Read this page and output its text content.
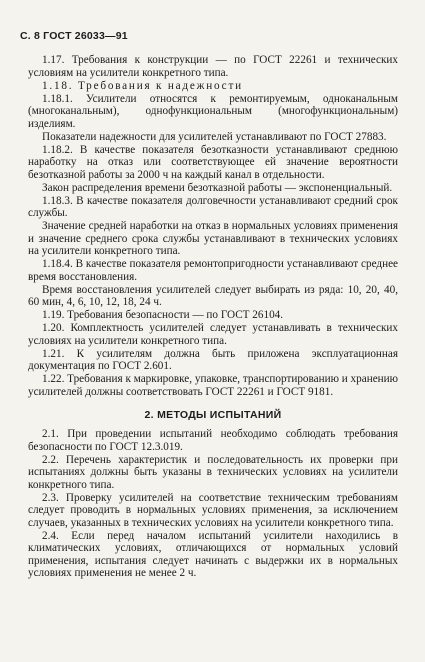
С. 8 ГОСТ 26033—91

1.17. Требования к конструкции — по ГОСТ 22261 и технических условиям на усилители конкретного типа.

1.18. Требования к надежности

1.18.1. Усилители относятся к ремонтируемым, одноканальным (многоканальным), однофункциональным (многофункциональным) изделиям.

Показатели надежности для усилителей устанавливают по ГОСТ 27883.

1.18.2. В качестве показателя безотказности устанавливают среднюю наработку на отказ или соответствующее ей значение вероятности безотказной работы за 2000 ч на каждый канал в отдельности.

Закон распределения времени безотказной работы — экспоненциальный.

1.18.3. В качестве показателя долговечности устанавливают средний срок службы.

Значение средней наработки на отказ в нормальных условиях применения и значение среднего срока службы устанавливают в технических условиях на усилители конкретного типа.

1.18.4. В качестве показателя ремонтопригодности устанавливают среднее время восстановления.

Время восстановления усилителей следует выбирать из ряда: 10, 20, 40, 60 мин, 4, 6, 10, 12, 18, 24 ч.

1.19. Требования безопасности — по ГОСТ 26104.

1.20. Комплектность усилителей следует устанавливать в технических условиях на усилители конкретного типа.

1.21. К усилителям должна быть приложена эксплуатационная документация по ГОСТ 2.601.

1.22. Требования к маркировке, упаковке, транспортированию и хранению усилителей должны соответствовать ГОСТ 22261 и ГОСТ 9181.

2. МЕТОДЫ ИСПЫТАНИЙ

2.1. При проведении испытаний необходимо соблюдать требования безопасности по ГОСТ 12.3.019.

2.2. Перечень характеристик и последовательность их проверки при испытаниях должны быть указаны в технических условиях на усилители конкретного типа.

2.3. Проверку усилителей на соответствие техническим требованиям следует проводить в нормальных условиях применения, за исключением случаев, указанных в технических условиях на усилители конкретного типа.

2.4. Если перед началом испытаний усилители находились в климатических условиях, отличающихся от нормальных условий применения, испытания следует начинать с выдержки их в нормальных условиях применения не менее 2 ч.
